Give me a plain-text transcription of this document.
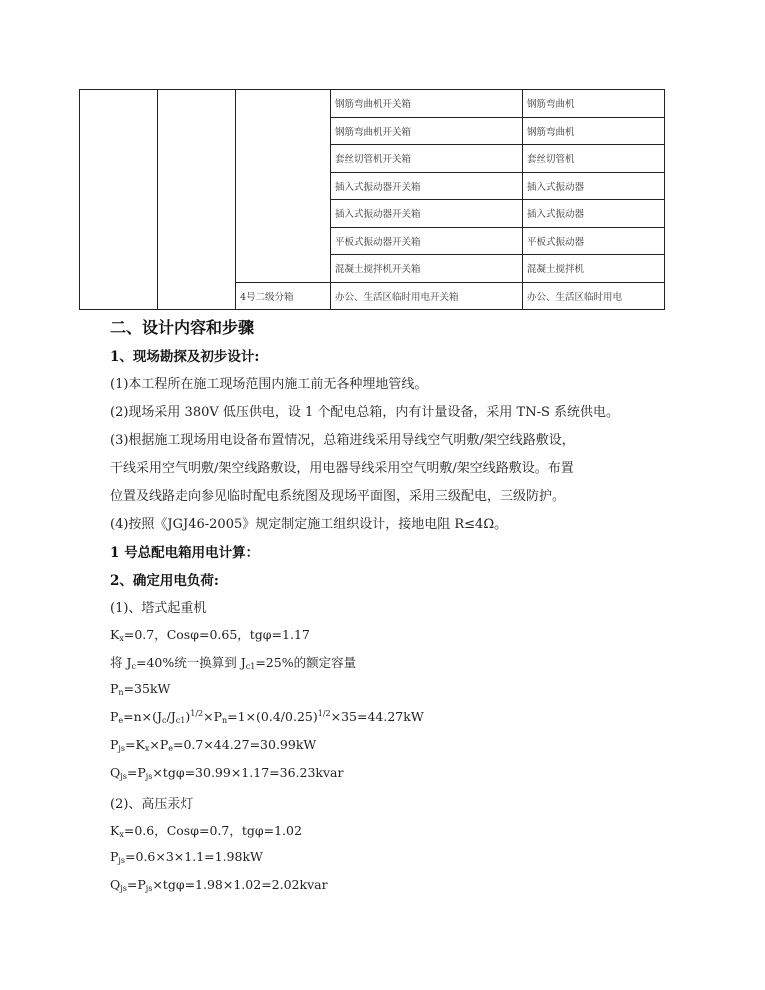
			钢筋弯曲机开关箱	钢筋弯曲机
			钢筋弯曲机开关箱	钢筋弯曲机
			套丝切管机开关箱	套丝切管机
			插入式振动器开关箱	插入式振动器
			插入式振动器开关箱	插入式振动器
			平板式振动器开关箱	平板式振动器
			混凝土搅拌机开关箱	混凝土搅拌机
		4号二级分箱	办公、生活区临时用电开关箱	办公、生活区临时用电
二、设计内容和步骤
1、现场勘探及初步设计:
(1)本工程所在施工现场范围内施工前无各种埋地管线。
(2)现场采用 380V 低压供电，设 1 个配电总箱，内有计量设备，采用 TN-S 系统供电。
(3)根据施工现场用电设备布置情况，总箱进线采用导线空气明敷/架空线路敷设，
干线采用空气明敷/架空线路敷设，用电器导线采用空气明敷/架空线路敷设。布置
位置及线路走向参见临时配电系统图及现场平面图，采用三级配电，三级防护。
(4)按照《JGJ46-2005》规定制定施工组织设计，接地电阻 R≤4Ω。
1 号总配电箱用电计算：
2、确定用电负荷:
(1)、塔式起重机
$K_x=0.7$，Cosφ=0.65，tgφ=1.17
将 $J_c=40\%$统一换算到 $J_{c1}=25\%$的额定容量
$P_n=35kW$
$P_e=n\times(J_c/J_{c1})^{1/2}\times P_n=1\times(0.4/0.25)^{1/2}\times 35=44.27kW$
$P_{js}=K_x\times P_e=0.7\times 44.27=30.99kW$
$Q_{js}=P_{js}\times tg\varphi=30.99\times 1.17=36.23kvar$
(2)、高压汞灯
$K_x=0.6$，Cosφ=0.7，tgφ=1.02
$P_{js}=0.6\times 3\times 1.1=1.98kW$
$Q_{js}=P_{js}\times tg\varphi=1.98\times 1.02=2.02kvar$
